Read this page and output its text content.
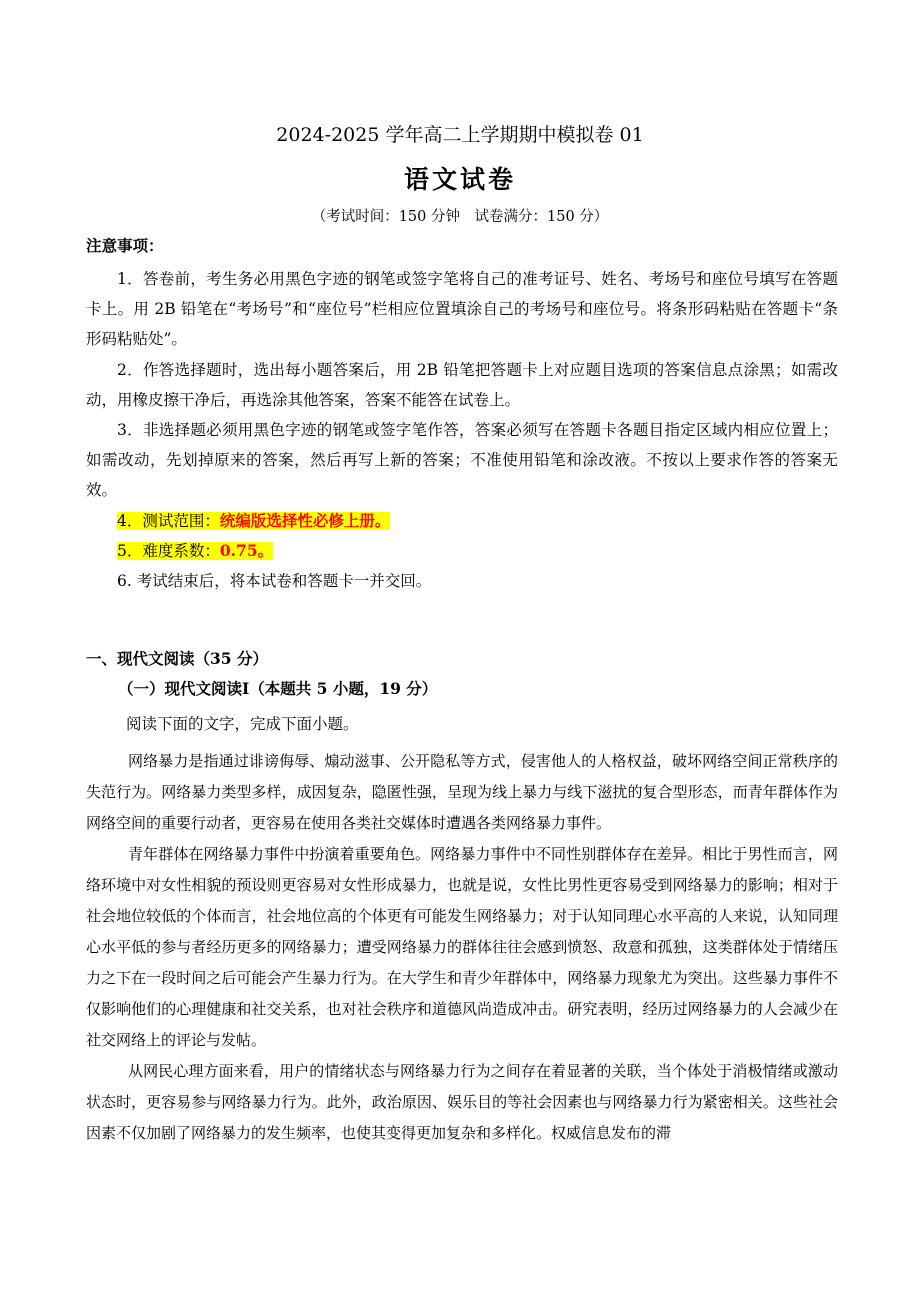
2024-2025 学年高二上学期期中模拟卷 01
语文试卷
（考试时间：150 分钟　试卷满分：150 分）
注意事项：

1．答卷前，考生务必用黑色字迹的钢笔或签字笔将自己的准考证号、姓名、考场号和座位号填写在答题卡上。用 2B 铅笔在“考场号”和“座位号”栏相应位置填涂自己的考场号和座位号。将条形码粘贴在答题卡“条形码粘贴处”。

2．作答选择题时，选出每小题答案后，用 2B 铅笔把答题卡上对应题目选项的答案信息点涂黑；如需改动，用橡皮擦干净后，再选涂其他答案，答案不能答在试卷上。

3．非选择题必须用黑色字迹的钢笔或签字笔作答，答案必须写在答题卡各题目指定区域内相应位置上；如需改动，先划掉原来的答案，然后再写上新的答案；不准使用铅笔和涂改液。不按以上要求作答的答案无效。

4．测试范围：统编版选择性必修上册。

5．难度系数：0.75。

6. 考试结束后，将本试卷和答题卡一并交回。

一、现代文阅读（35 分）
（一）现代文阅读Ⅰ（本题共 5 小题，19 分）
阅读下面的文字，完成下面小题。

网络暴力是指通过诽谤侮辱、煽动滋事、公开隐私等方式，侵害他人的人格权益，破坏网络空间正常秩序的失范行为。网络暴力类型多样，成因复杂，隐匿性强，呈现为线上暴力与线下滋扰的复合型形态，而青年群体作为网络空间的重要行动者，更容易在使用各类社交媒体时遭遇各类网络暴力事件。

青年群体在网络暴力事件中扮演着重要角色。网络暴力事件中不同性别群体存在差异。相比于男性而言，网络环境中对女性相貌的预设则更容易对女性形成暴力，也就是说，女性比男性更容易受到网络暴力的影响；相对于社会地位较低的个体而言，社会地位高的个体更有可能发生网络暴力；对于认知同理心水平高的人来说，认知同理心水平低的参与者经历更多的网络暴力；遭受网络暴力的群体往往会感到愤怒、敌意和孤独，这类群体处于情绪压力之下在一段时间之后可能会产生暴力行为。在大学生和青少年群体中，网络暴力现象尤为突出。这些暴力事件不仅影响他们的心理健康和社交关系，也对社会秩序和道德风尚造成冲击。研究表明，经历过网络暴力的人会减少在社交网络上的评论与发帖。

从网民心理方面来看，用户的情绪状态与网络暴力行为之间存在着显著的关联，当个体处于消极情绪或激动状态时，更容易参与网络暴力行为。此外，政治原因、娱乐目的等社会因素也与网络暴力行为紧密相关。这些社会因素不仅加剧了网络暴力的发生频率，也使其变得更加复杂和多样化。权威信息发布的滞
